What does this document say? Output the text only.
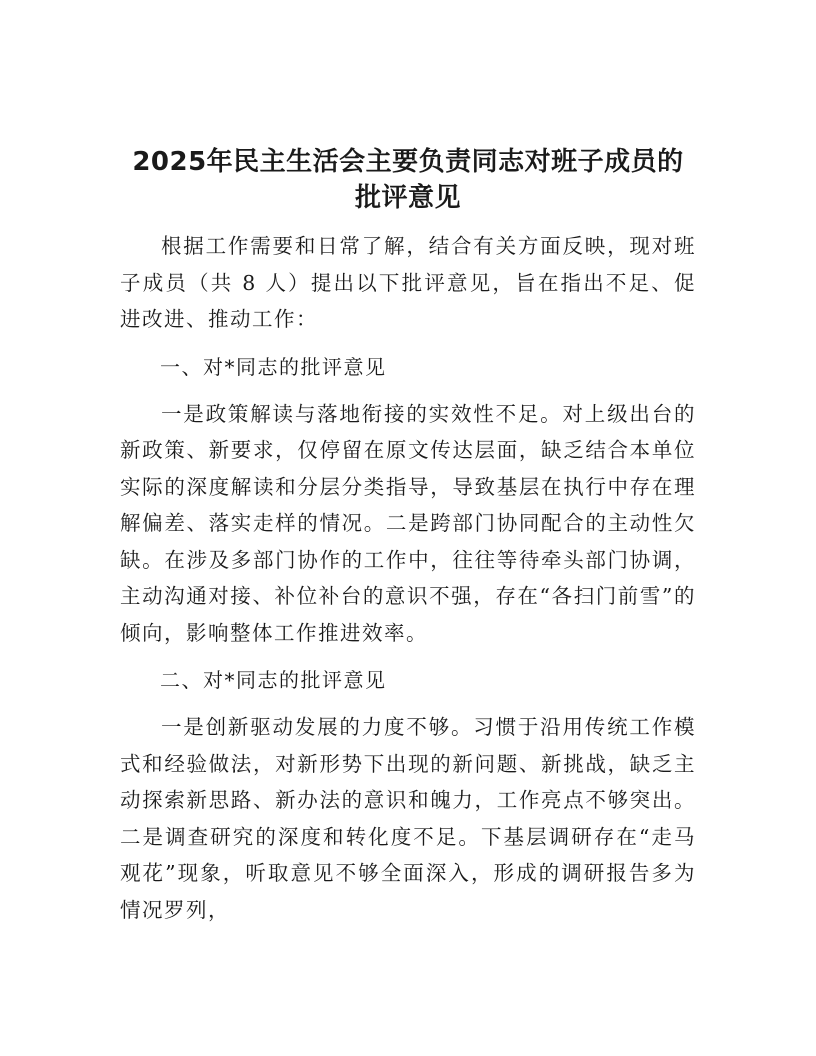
2025年民主生活会主要负责同志对班子成员的
批评意见

根据工作需要和日常了解，结合有关方面反映，现对班子成员（共 8 人）提出以下批评意见，旨在指出不足、促进改进、推动工作：

一、对*同志的批评意见

一是政策解读与落地衔接的实效性不足。对上级出台的新政策、新要求，仅停留在原文传达层面，缺乏结合本单位实际的深度解读和分层分类指导，导致基层在执行中存在理解偏差、落实走样的情况。二是跨部门协同配合的主动性欠缺。在涉及多部门协作的工作中，往往等待牵头部门协调，主动沟通对接、补位补台的意识不强，存在“各扫门前雪”的倾向，影响整体工作推进效率。

二、对*同志的批评意见

一是创新驱动发展的力度不够。习惯于沿用传统工作模式和经验做法，对新形势下出现的新问题、新挑战，缺乏主动探索新思路、新办法的意识和魄力，工作亮点不够突出。二是调查研究的深度和转化度不足。下基层调研存在“走马观花”现象，听取意见不够全面深入，形成的调研报告多为情况罗列，
